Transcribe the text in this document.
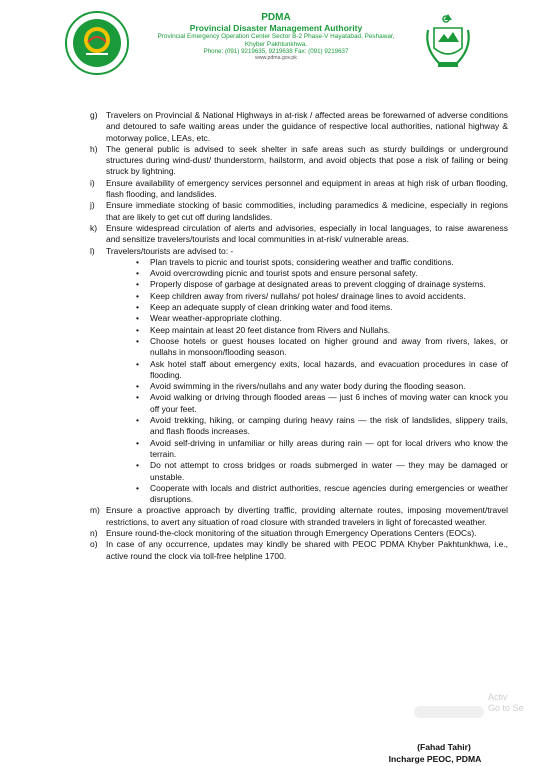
PDMA
Provincial Disaster Management Authority
Provincial Emergency Operation Center Sector B-2 Phase-V Hayatabad, Peshawar,
Khyber Pakhtunkhwa.
Phone: (091) 9219635, 9219638 Fax: (091) 9219637
www.pdma.gov.pk
g)	Travelers on Provincial & National Highways in at-risk / affected areas be forewarned of adverse conditions and detoured to safe waiting areas under the guidance of respective local authorities, national highway & motorway police, LEAs, etc.
h)	The general public is advised to seek shelter in safe areas such as sturdy buildings or underground structures during wind-dust/ thunderstorm, hailstorm, and avoid objects that pose a risk of failing or being struck by lightning.
i)	Ensure availability of emergency services personnel and equipment in areas at high risk of urban flooding, flash flooding, and landslides.
j)	Ensure immediate stocking of basic commodities, including paramedics & medicine, especially in regions that are likely to get cut off during landslides.
k)	Ensure widespread circulation of alerts and advisories, especially in local languages, to raise awareness and sensitize travelers/tourists and local communities in at-risk/ vulnerable areas.
l)	Travelers/tourists are advised to: -
•	Plan travels to picnic and tourist spots, considering weather and traffic conditions.
•	Avoid overcrowding picnic and tourist spots and ensure personal safety.
•	Properly dispose of garbage at designated areas to prevent clogging of drainage systems.
•	Keep children away from rivers/ nullahs/ pot holes/ drainage lines to avoid accidents.
•	Keep an adequate supply of clean drinking water and food items.
•	Wear weather-appropriate clothing.
•	Keep maintain at least 20 feet distance from Rivers and Nullahs.
•	Choose hotels or guest houses located on higher ground and away from rivers, lakes, or nullahs in monsoon/flooding season.
•	Ask hotel staff about emergency exits, local hazards, and evacuation procedures in case of flooding.
•	Avoid swimming in the rivers/nullahs and any water body during the flooding season.
•	Avoid walking or driving through flooded areas — just 6 inches of moving water can knock you off your feet.
•	Avoid trekking, hiking, or camping during heavy rains — the risk of landslides, slippery trails, and flash floods increases.
•	Avoid self-driving in unfamiliar or hilly areas during rain — opt for local drivers who know the terrain.
•	Do not attempt to cross bridges or roads submerged in water — they may be damaged or unstable.
•	Cooperate with locals and district authorities, rescue agencies during emergencies or weather disruptions.
m) Ensure a proactive approach by diverting traffic, providing alternate routes, imposing movement/travel restrictions, to avert any situation of road closure with stranded travelers in light of forecasted weather.
n)	Ensure round-the-clock monitoring of the situation through Emergency Operations Centers (EOCs).
o)	In case of any occurrence, updates may kindly be shared with PEOC PDMA Khyber Pakhtunkhwa, i.e., active round the clock via toll-free helpline 1700.
Activ
Go to Se
(Fahad Tahir)
Incharge PEOC, PDMA
